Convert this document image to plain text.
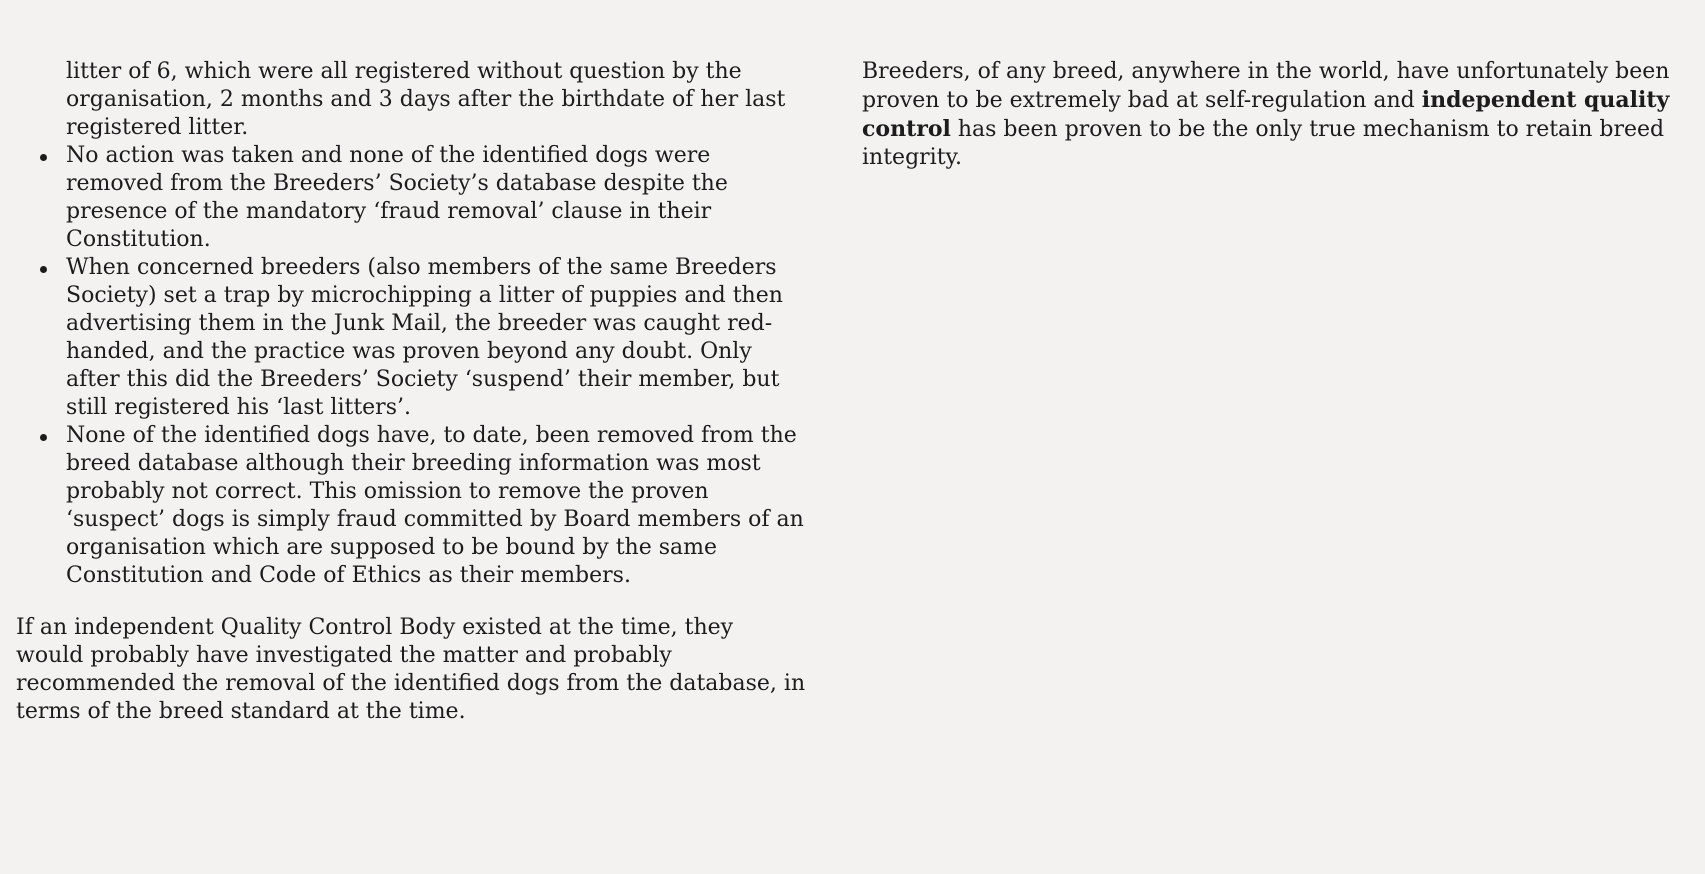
litter of 6, which were all registered without question by the organisation, 2 months and 3 days after the birthdate of her last registered litter.

No action was taken and none of the identified dogs were removed from the Breeders’ Society’s database despite the presence of the mandatory ‘fraud removal’ clause in their Constitution.
When concerned breeders (also members of the same Breeders Society) set a trap by microchipping a litter of puppies and then advertising them in the Junk Mail, the breeder was caught red-handed, and the practice was proven beyond any doubt. Only after this did the Breeders’ Society ‘suspend’ their member, but still registered his ‘last litters’.
None of the identified dogs have, to date, been removed from the breed database although their breeding information was most probably not correct. This omission to remove the proven ‘suspect’ dogs is simply fraud committed by Board members of an organisation which are supposed to be bound by the same Constitution and Code of Ethics as their members.

If an independent Quality Control Body existed at the time, they would probably have investigated the matter and probably recommended the removal of the identified dogs from the database, in terms of the breed standard at the time.

Breeders, of any breed, anywhere in the world, have unfortunately been proven to be extremely bad at self-regulation and independent quality control has been proven to be the only true mechanism to retain breed integrity.
